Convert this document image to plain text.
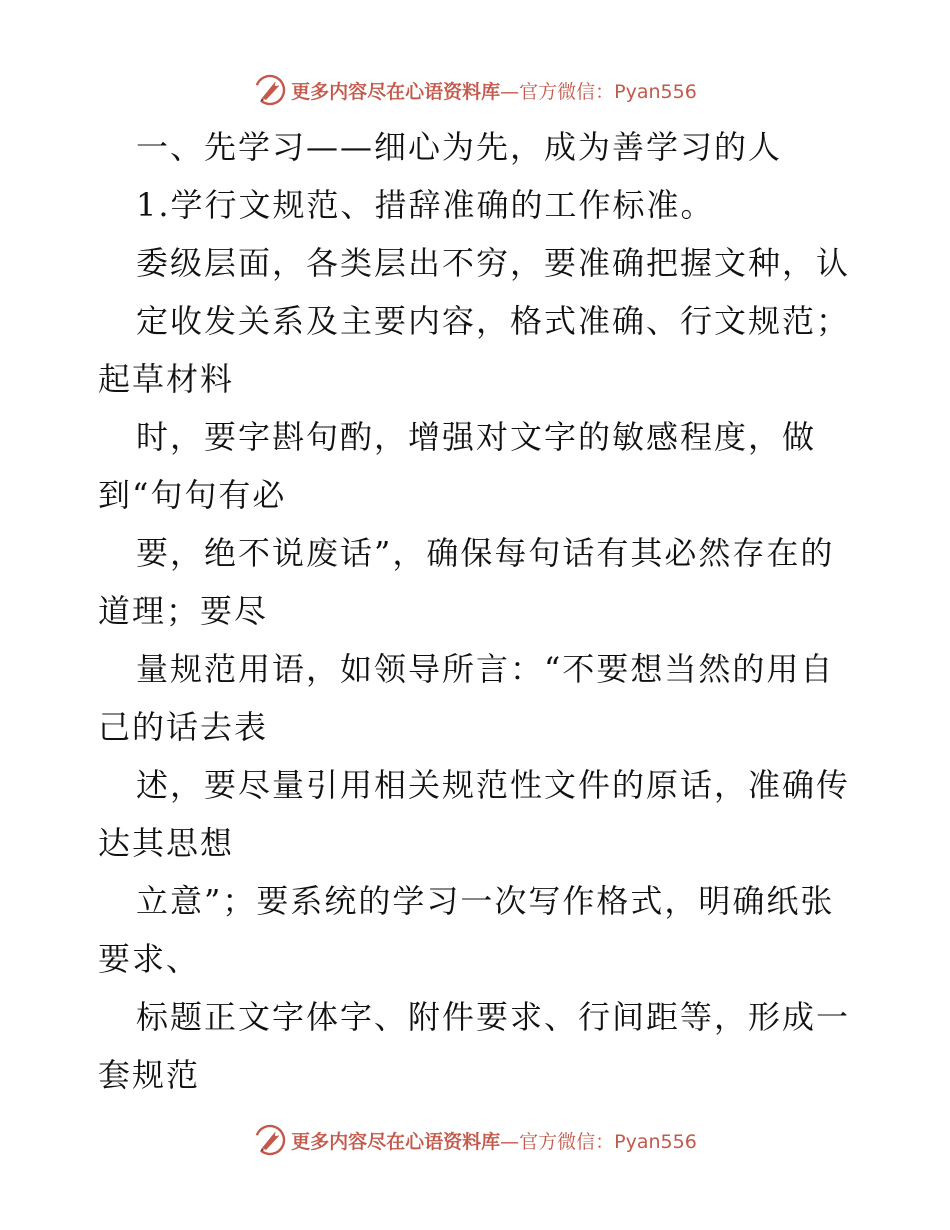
更多内容尽在心语资料库 —官方微信：Pyan556
一、先学习——细心为先，成为善学习的人
1.学行文规范、措辞准确的工作标准。
委级层面，各类层出不穷，要准确把握文种，认
定收发关系及主要内容，格式准确、行文规范；
起草材料
时，要字斟句酌，增强对文字的敏感程度，做
到“句句有必
要，绝不说废话”，确保每句话有其必然存在的
道理；要尽
量规范用语，如领导所言：“不要想当然的用自
己的话去表
述，要尽量引用相关规范性文件的原话，准确传
达其思想
立意”；要系统的学习一次写作格式，明确纸张
要求、
标题正文字体字、附件要求、行间距等，形成一
套规范
更多内容尽在心语资料库 —官方微信：Pyan556
